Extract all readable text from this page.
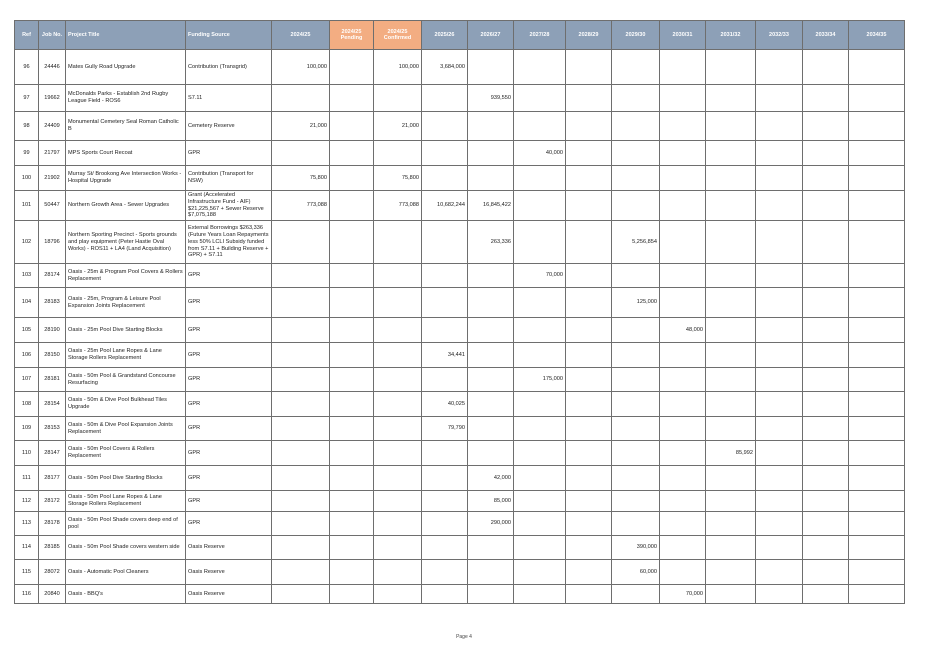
Ref	Job No.	Project Title	Funding Source	2024/25	2024/25 Pending	2024/25 Confirmed	2025/26	2026/27	2027/28	2028/29	2029/30	2030/31	2031/32	2032/33	2033/34	2034/35
96	24446	Mates Gully Road Upgrade	Contribution (Transgrid)	100,000		100,000	3,684,000									
97	19662	McDonalds Parks - Establish 2nd Rugby League Field - ROS6	S7.11					939,550								
98	24409	Monumental Cemetery Seal Roman Catholic B	Cemetery Reserve	21,000		21,000										
99	21797	MPS Sports Court Recoat	GPR						40,000							
100	21902	Murray St/ Brookong Ave Intersection Works - Hospital Upgrade	Contribution (Transport for NSW)	75,800		75,800										
101	50447	Northern Growth Area - Sewer Upgrades	Grant (Accelerated Infrastructure Fund - AIF) $21,225,567 + Sewer Reserve $7,075,188	773,088		773,088	10,682,244	16,845,422								
102	18796	Northern Sporting Precinct - Sports grounds and play equipment (Peter Hastie Oval Works) - ROS11 + LA4 (Land Acquisition)	External Borrowings $263,336 (Future Years Loan Repayments less 50% LCLI Subsidy funded from S7.11 + Building Reserve + GPR) + S7.11					263,336			5,256,854					
103	28174	Oasis - 25m & Program Pool Covers & Rollers Replacement	GPR						70,000							
104	28183	Oasis - 25m, Program & Leisure Pool Expansion Joints Replacement	GPR								125,000					
105	28190	Oasis - 25m Pool Dive Starting Blocks	GPR									48,000				
106	28150	Oasis - 25m Pool Lane Ropes & Lane Storage Rollers Replacement	GPR				34,441									
107	28181	Oasis - 50m Pool & Grandstand Concourse Resurfacing	GPR						175,000							
108	28154	Oasis - 50m & Dive Pool Bulkhead Tiles Upgrade	GPR				40,025									
109	28153	Oasis - 50m & Dive Pool Expansion Joints Replacement	GPR				79,790									
110	28147	Oasis - 50m Pool Covers & Rollers Replacement	GPR										85,992			
111	28177	Oasis - 50m Pool Dive Starting Blocks	GPR					42,000								
112	28172	Oasis - 50m Pool Lane Ropes & Lane Storage Rollers Replacement	GPR					85,000								
113	28178	Oasis - 50m Pool Shade covers deep end of pool	GPR					290,000								
114	28185	Oasis - 50m Pool Shade covers western side	Oasis Reserve								390,000					
115	28072	Oasis - Automatic Pool Cleaners	Oasis Reserve								60,000					
116	20840	Oasis - BBQ's	Oasis Reserve									70,000				
Page 4
